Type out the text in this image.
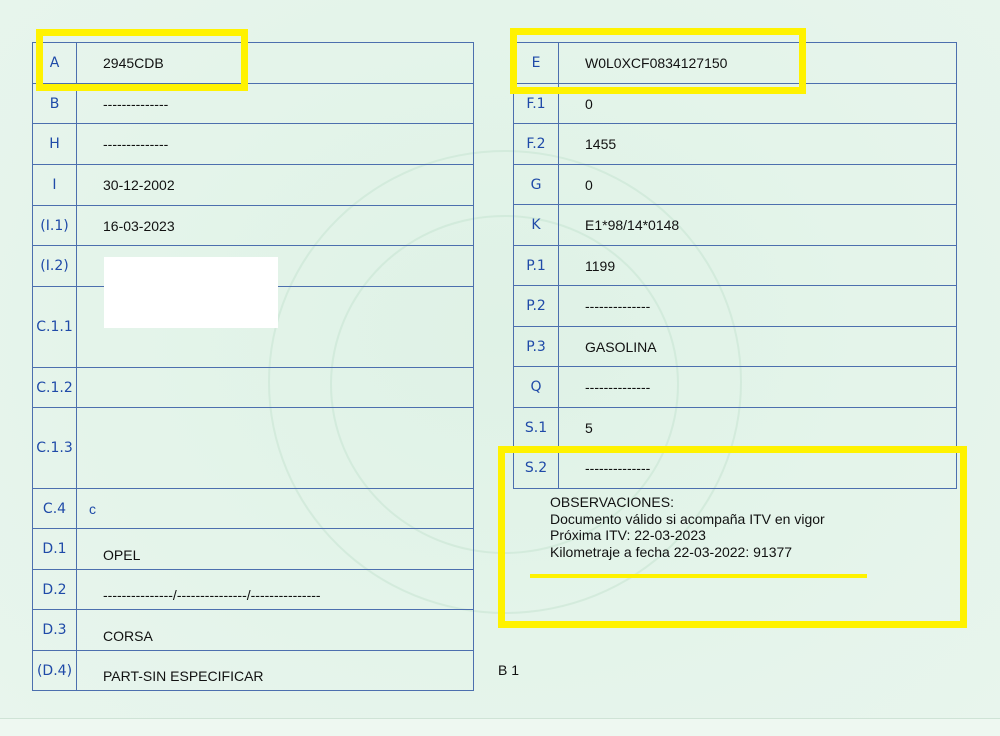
A	2945CDB
B	--------------
H	--------------
I	30-12-2002
(I.1)	16-03-2023
(I.2)	
C.1.1	
C.1.2	
C.1.3	
C.4	c
D.1	OPEL
D.2	---------------/---------------/---------------
D.3	CORSA
(D.4)	PART-SIN ESPECIFICAR
E	W0L0XCF0834127150
F.1	0
F.2	1455
G	0
K	E1*98/14*0148
P.1	1199
P.2	--------------
P.3	GASOLINA
Q	--------------
S.1	5
S.2	--------------
OBSERVACIONES:
Documento válido si acompaña ITV en vigor
Próxima ITV: 22-03-2023
Kilometraje a fecha 22-03-2022: 91377
B 1
